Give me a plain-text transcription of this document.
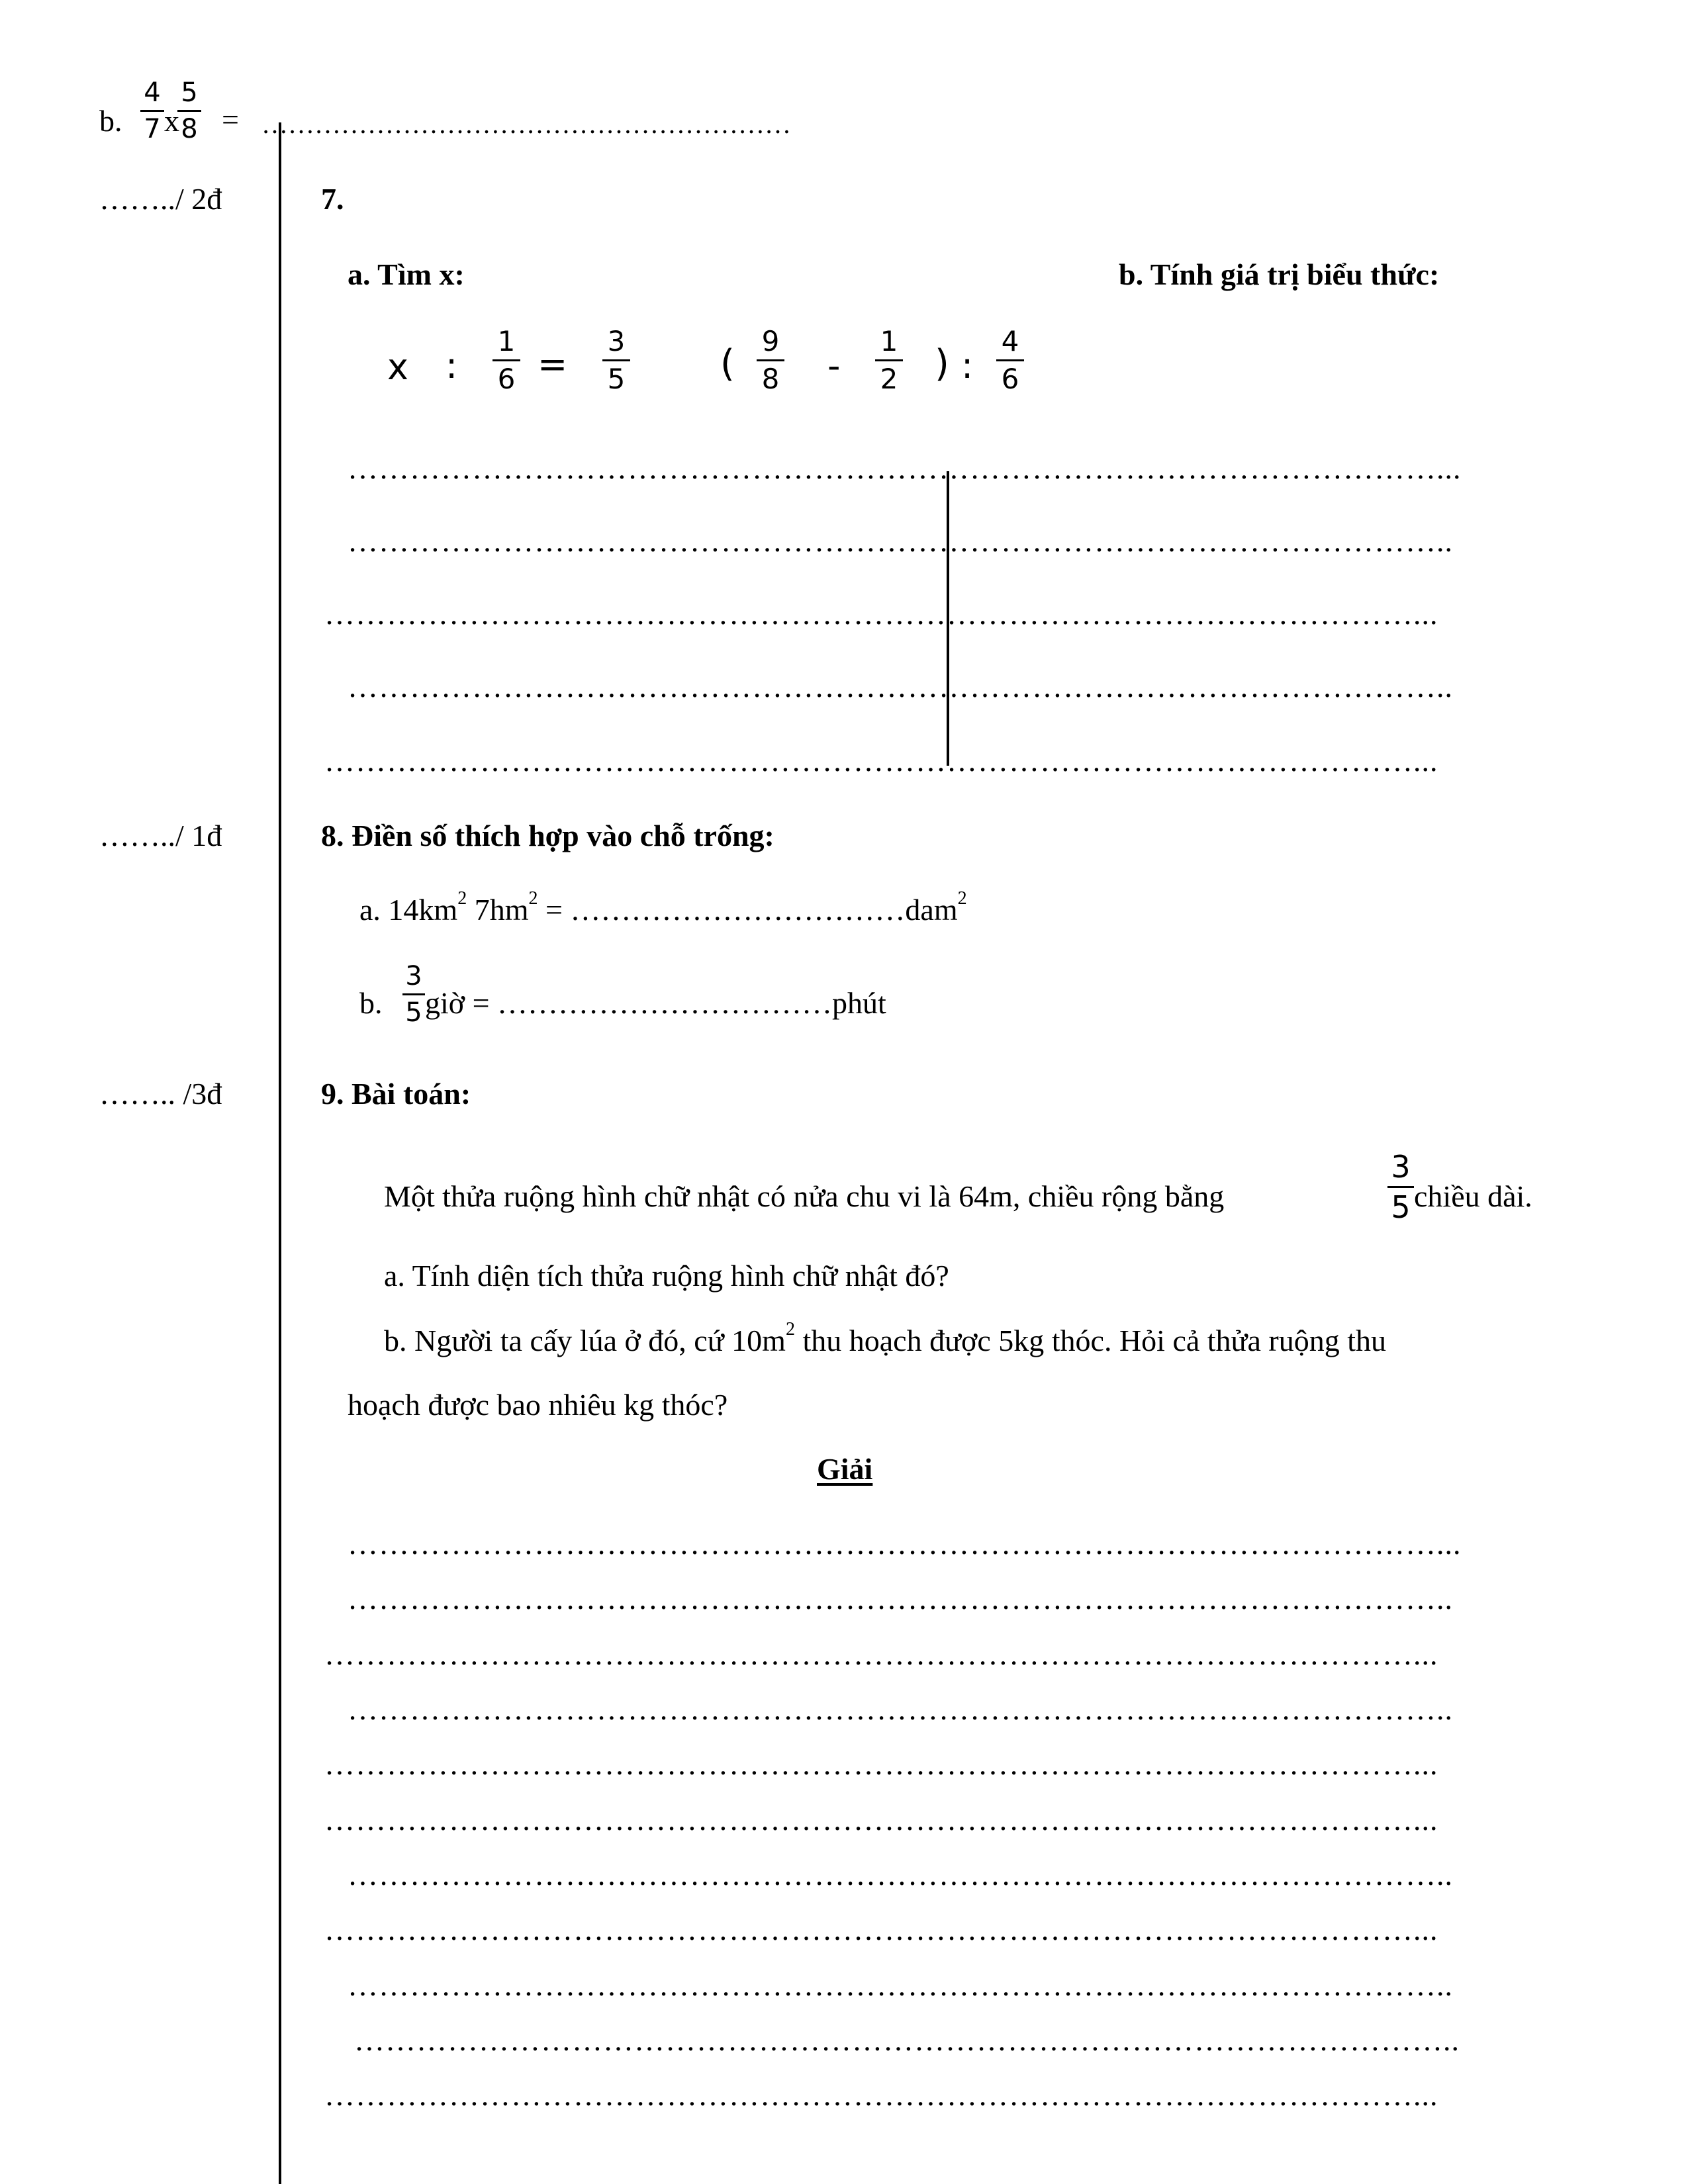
b.
4
7 x
5
8 = ……………………………………………………
……../ 2đ	7.
a. Tìm x:	b. Tính giá trị biểu thức:
x :
1
6 =
3
5	(
9
8 -
1
2 ) :
4
6
……………………………………………………………………………………………...
……………………………………………………………………………………………..
……………………………………………………………………………………………...
……………………………………………………………………………………………..
……………………………………………………………………………………………...
……../ 1đ	8. Điền số thích hợp vào chỗ trống:
a. $14km^2$ $7hm^2$ = ……………………………dam$^2$
b.
3
5 giờ = ……………………………phút
…….. /3đ	9. Bài toán:
Một thửa ruộng hình chữ nhật có nửa chu vi là 64m, chiều rộng bằng
3
5 chiều dài.
a. Tính diện tích thửa ruộng hình chữ nhật đó?
b. Người ta cấy lúa ở đó, cứ $10m^2$ thu hoạch được 5kg thóc. Hỏi cả thửa ruộng thu
hoạch được bao nhiêu kg thóc?
Giải
……………………………………………………………………………………………...
……………………………………………………………………………………………..
……………………………………………………………………………………………...
……………………………………………………………………………………………..
……………………………………………………………………………………………...
……………………………………………………………………………………………...
……………………………………………………………………………………………..
……………………………………………………………………………………………...
……………………………………………………………………………………………..
……………………………………………………………………………………………..
……………………………………………………………………………………………...
